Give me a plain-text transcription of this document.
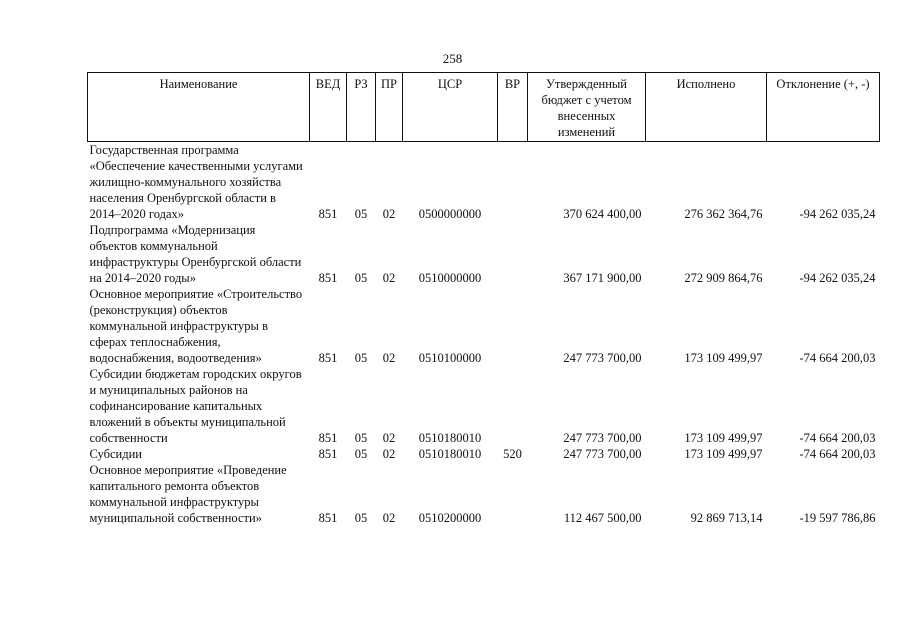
258
Наименование	ВЕД	РЗ	ПР	ЦСР	ВР	Утвержденный бюджет с учетом внесенных изменений	Исполнено	Отклонение (+, -)
Государственная программа «Обеспечение качественными услугами жилищно-коммунального хозяйства населения Оренбургской области в 2014–2020 годах»	851	05	02	0500000000		370 624 400,00	276 362 364,76	-94 262 035,24
Подпрограмма «Модернизация объектов коммунальной инфраструктуры Оренбургской области на 2014–2020 годы»	851	05	02	0510000000		367 171 900,00	272 909 864,76	-94 262 035,24
Основное мероприятие «Строительство (реконструкция) объектов коммунальной инфраструктуры в сферах теплоснабжения, водоснабжения, водоотведения»	851	05	02	0510100000		247 773 700,00	173 109 499,97	-74 664 200,03
Субсидии бюджетам городских округов и муниципальных районов на софинансирование капитальных вложений в объекты муниципальной собственности	851	05	02	0510180010		247 773 700,00	173 109 499,97	-74 664 200,03
Субсидии	851	05	02	0510180010	520	247 773 700,00	173 109 499,97	-74 664 200,03
Основное мероприятие «Проведение капитального ремонта объектов коммунальной инфраструктуры муниципальной собственности»	851	05	02	0510200000		112 467 500,00	92 869 713,14	-19 597 786,86
